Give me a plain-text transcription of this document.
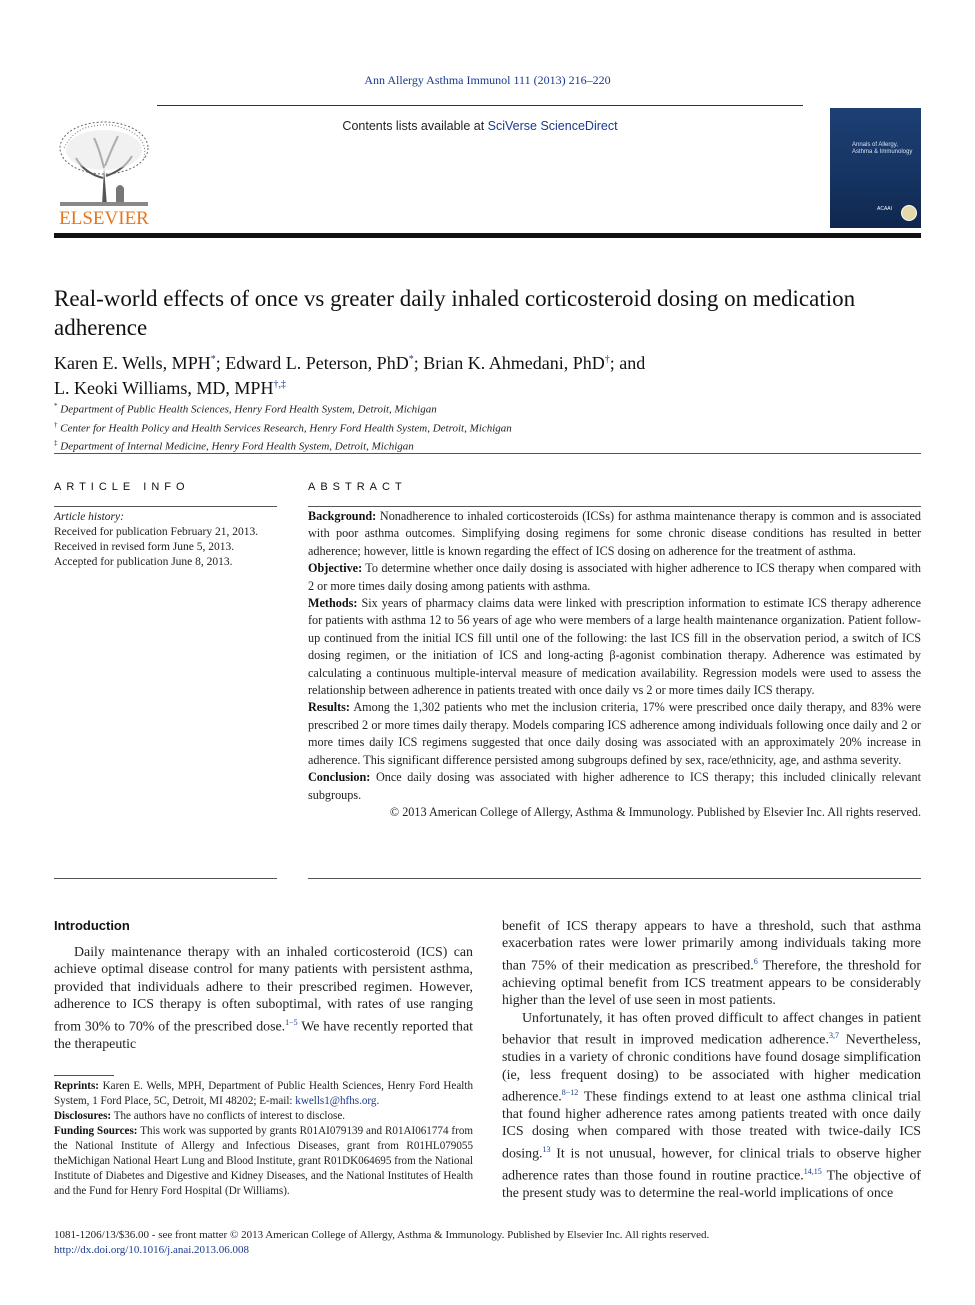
Ann Allergy Asthma Immunol 111 (2013) 216–220
Contents lists available at SciVerse ScienceDirect
ELSEVIER
Annals of Allergy, Asthma & Immunology
ACAAI
Real-world effects of once vs greater daily inhaled corticosteroid dosing on medication adherence
Karen E. Wells, MPH*; Edward L. Peterson, PhD*; Brian K. Ahmedani, PhD†; and
L. Keoki Williams, MD, MPH†,‡
* Department of Public Health Sciences, Henry Ford Health System, Detroit, Michigan
† Center for Health Policy and Health Services Research, Henry Ford Health System, Detroit, Michigan
‡ Department of Internal Medicine, Henry Ford Health System, Detroit, Michigan
ARTICLE INFO
Article history:
Received for publication February 21, 2013.
Received in revised form June 5, 2013.
Accepted for publication June 8, 2013.
ABSTRACT

Background: Nonadherence to inhaled corticosteroids (ICSs) for asthma maintenance therapy is common and is associated with poor asthma outcomes. Simplifying dosing regimens for some chronic disease conditions has resulted in better adherence; however, little is known regarding the effect of ICS dosing on adherence for the treatment of asthma.

Objective: To determine whether once daily dosing is associated with higher adherence to ICS therapy when compared with 2 or more times daily dosing among patients with asthma.

Methods: Six years of pharmacy claims data were linked with prescription information to estimate ICS therapy adherence for patients with asthma 12 to 56 years of age who were members of a large health maintenance organization. Patient follow-up continued from the initial ICS fill until one of the following: the last ICS fill in the observation period, a switch of ICS dosing regimen, or the initiation of ICS and long-acting β-agonist combination therapy. Adherence was estimated by calculating a continuous multiple-interval measure of medication availability. Regression models were used to assess the relationship between adherence in patients treated with once daily vs 2 or more times daily ICS therapy.

Results: Among the 1,302 patients who met the inclusion criteria, 17% were prescribed once daily therapy, and 83% were prescribed 2 or more times daily therapy. Models comparing ICS adherence among individuals following once daily and 2 or more times daily ICS regimens suggested that once daily dosing was associated with an approximately 20% increase in adherence. This significant difference persisted among subgroups defined by sex, race/ethnicity, age, and asthma severity.

Conclusion: Once daily dosing was associated with higher adherence to ICS therapy; this included clinically relevant subgroups.

© 2013 American College of Allergy, Asthma & Immunology. Published by Elsevier Inc. All rights reserved.

Introduction

Daily maintenance therapy with an inhaled corticosteroid (ICS) can achieve optimal disease control for many patients with persistent asthma, provided that individuals adhere to their prescribed regimen. However, adherence to ICS therapy is often suboptimal, with rates of use ranging from 30% to 70% of the prescribed dose.$^{1-5}$ We have recently reported that the therapeutic

benefit of ICS therapy appears to have a threshold, such that asthma exacerbation rates were lower primarily among individuals taking more than 75% of their medication as prescribed.$^6$ Therefore, the threshold for achieving optimal benefit from ICS treatment appears to be considerably higher than the level of use seen in most patients.

Unfortunately, it has often proved difficult to affect changes in patient behavior that result in improved medication adherence.$^{3,7}$ Nevertheless, studies in a variety of chronic conditions have found dosage simplification (ie, less frequent dosing) to be associated with higher medication adherence.$^{8-12}$ These findings extend to at least one asthma clinical trial that found higher adherence rates among patients treated with once daily ICS dosing when compared with those treated with twice-daily ICS dosing.$^{13}$ It is not unusual, however, for clinical trials to observe higher adherence rates than those found in routine practice.$^{14,15}$ The objective of the present study was to determine the real-world implications of once

Reprints: Karen E. Wells, MPH, Department of Public Health Sciences, Henry Ford Health System, 1 Ford Place, 5C, Detroit, MI 48202; E-mail: kwells1@hfhs.org.

Disclosures: The authors have no conflicts of interest to disclose.

Funding Sources: This work was supported by grants R01AI079139 and R01AI061774 from the National Institute of Allergy and Infectious Diseases, grant from R01HL079055 theMichigan National Heart Lung and Blood Institute, grant R01DK064695 from the National Institute of Diabetes and Digestive and Kidney Diseases, and the National Institutes of Health and the Fund for Henry Ford Hospital (Dr Williams).

1081-1206/13/$36.00 - see front matter © 2013 American College of Allergy, Asthma & Immunology. Published by Elsevier Inc. All rights reserved.
http://dx.doi.org/10.1016/j.anai.2013.06.008
